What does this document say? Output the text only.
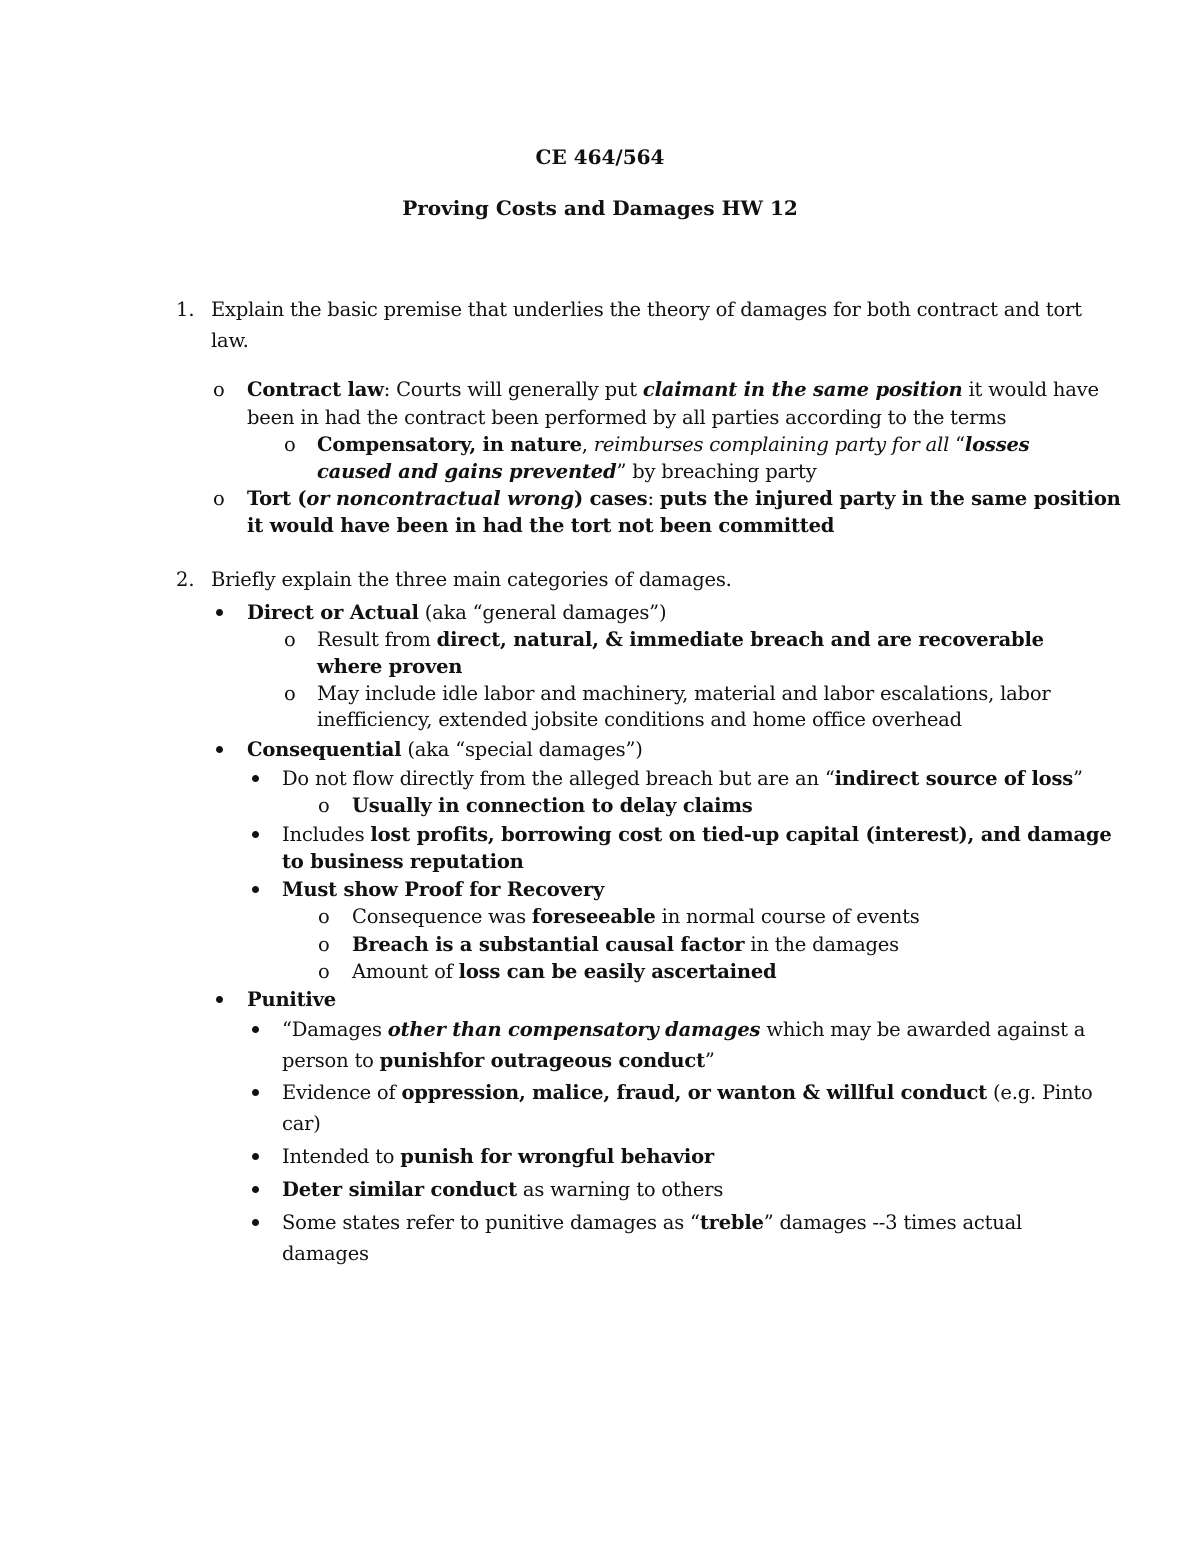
CE 464/564
Proving Costs and Damages HW 12
1. Explain the basic premise that underlies the theory of damages for both contract and tort
law.
o Contract law: Courts will generally put claimant in the same position it would have
been in had the contract been performed by all parties according to the terms
o Compensatory, in nature, reimburses complaining party for all “losses
caused and gains prevented” by breaching party
o Tort (or noncontractual wrong) cases: puts the injured party in the same position
it would have been in had the tort not been committed
2. Briefly explain the three main categories of damages.
Direct or Actual (aka “general damages”)
o Result from direct, natural, & immediate breach and are recoverable
where proven
o May include idle labor and machinery, material and labor escalations, labor
inefficiency, extended jobsite conditions and home office overhead
Consequential (aka “special damages”)
Do not flow directly from the alleged breach but are an “indirect source of loss”
o Usually in connection to delay claims
Includes lost profits, borrowing cost on tied-up capital (interest), and damage
to business reputation
Must show Proof for Recovery
o Consequence was foreseeable in normal course of events
o Breach is a substantial causal factor in the damages
o Amount of loss can be easily ascertained
Punitive
“Damages other than compensatory damages which may be awarded against a
person to punishfor outrageous conduct”
Evidence of oppression, malice, fraud, or wanton & willful conduct (e.g. Pinto
car)
Intended to punish for wrongful behavior
Deter similar conduct as warning to others
Some states refer to punitive damages as “treble” damages --3 times actual
damages
